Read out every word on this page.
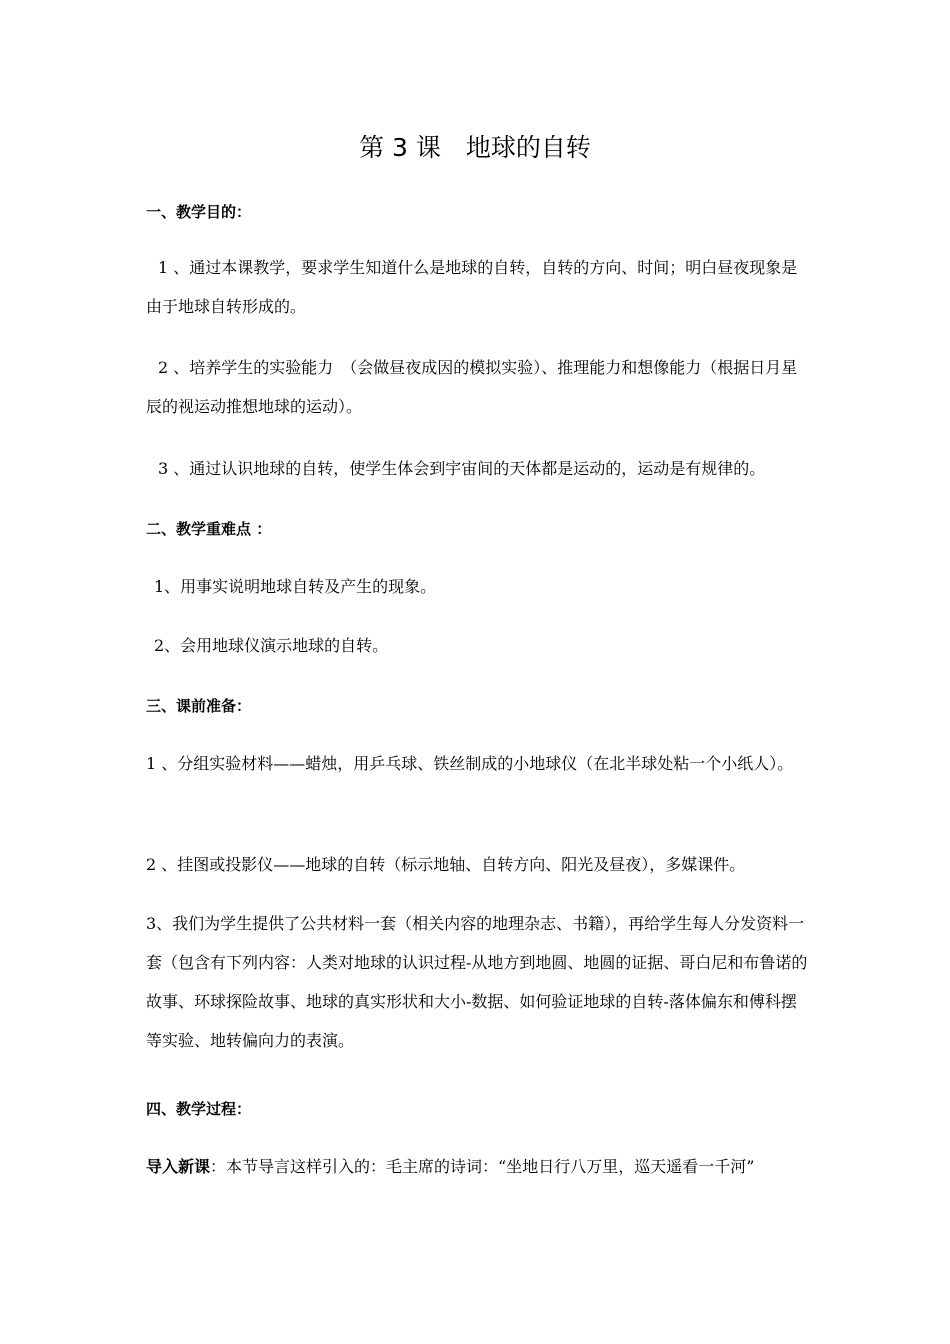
第 3 课　地球的自转
一、教学目的：
1 、通过本课教学，要求学生知道什么是地球的自转，自转的方向、时间；明白昼夜现象是由于地球自转形成的。
2 、培养学生的实验能力　（会做昼夜成因的模拟实验）、推理能力和想像能力（根据日月星辰的视运动推想地球的运动）。
3 、通过认识地球的自转，使学生体会到宇宙间的天体都是运动的，运动是有规律的。
二、教学重难点 ：
1、用事实说明地球自转及产生的现象。
2、会用地球仪演示地球的自转。
三、课前准备：
1 、分组实验材料——蜡烛，用乒乓球、铁丝制成的小地球仪（在北半球处粘一个小纸人）。
2 、挂图或投影仪——地球的自转（标示地轴、自转方向、阳光及昼夜），多媒课件。
3、我们为学生提供了公共材料一套（相关内容的地理杂志、书籍），再给学生每人分发资料一套（包含有下列内容：人类对地球的认识过程-从地方到地圆、地圆的证据、哥白尼和布鲁诺的故事、环球探险故事、地球的真实形状和大小-数据、如何验证地球的自转-落体偏东和傅科摆等实验、地转偏向力的表演。
四、教学过程：
导入新课：本节导言这样引入的：毛主席的诗词：“坐地日行八万里，巡天遥看一千河”
